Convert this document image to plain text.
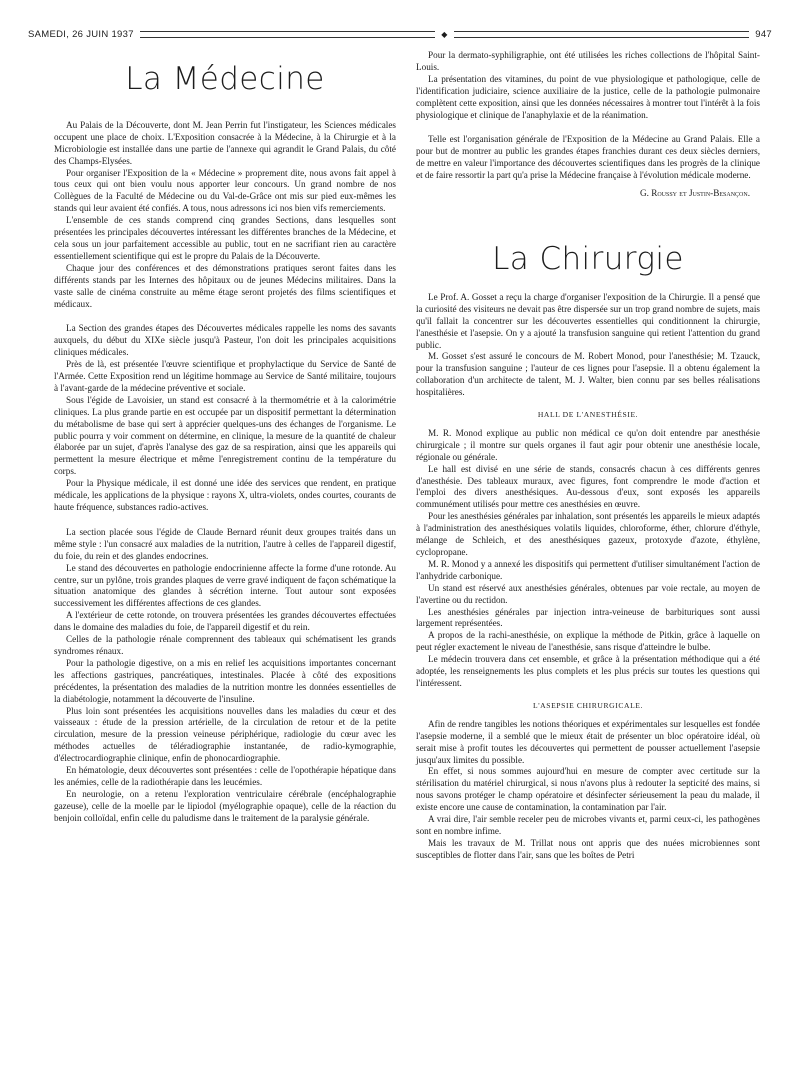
SAMEDI, 26 JUIN 1937	◆	947
La Médecine

Au Palais de la Découverte, dont M. Jean Perrin fut l'instigateur, les Sciences médicales occupent une place de choix. L'Exposition consacrée à la Médecine, à la Chirurgie et à la Microbiologie est installée dans une partie de l'annexe qui agrandit le Grand Palais, du côté des Champs-Elysées.

Pour organiser l'Exposition de la « Médecine » proprement dite, nous avons fait appel à tous ceux qui ont bien voulu nous apporter leur concours. Un grand nombre de nos Collègues de la Faculté de Médecine ou du Val-de-Grâce ont mis sur pied eux-mêmes les stands qui leur avaient été confiés. A tous, nous adressons ici nos bien vifs remerciements.

L'ensemble de ces stands comprend cinq grandes Sections, dans lesquelles sont présentées les principales découvertes intéressant les différentes branches de la Médecine, et cela sous un jour parfaitement accessible au public, tout en ne sacrifiant rien au caractère essentiellement scientifique qui est le propre du Palais de la Découverte.

Chaque jour des conférences et des démonstrations pratiques seront faites dans les différents stands par les Internes des hôpitaux ou de jeunes Médecins militaires. Dans la vaste salle de cinéma construite au même étage seront projetés des films scientifiques et médicaux.

La Section des grandes étapes des Découvertes médicales rappelle les noms des savants auxquels, du début du XIXe siècle jusqu'à Pasteur, l'on doit les principales acquisitions cliniques médicales.

Près de là, est présentée l'œuvre scientifique et prophylactique du Service de Santé de l'Armée. Cette Exposition rend un légitime hommage au Service de Santé militaire, toujours à l'avant-garde de la médecine préventive et sociale.

Sous l'égide de Lavoisier, un stand est consacré à la thermométrie et à la calorimétrie cliniques. La plus grande partie en est occupée par un dispositif permettant la détermination du métabolisme de base qui sert à apprécier quelques-uns des échanges de l'organisme. Le public pourra y voir comment on détermine, en clinique, la mesure de la quantité de chaleur élaborée par un sujet, d'après l'analyse des gaz de sa respiration, ainsi que les appareils qui permettent la mesure électrique et même l'enregistrement continu de la température du corps.

Pour la Physique médicale, il est donné une idée des services que rendent, en pratique médicale, les applications de la physique : rayons X, ultra-violets, ondes courtes, courants de haute fréquence, substances radio-actives.

La section placée sous l'égide de Claude Bernard réunit deux groupes traités dans un même style : l'un consacré aux maladies de la nutrition, l'autre à celles de l'appareil digestif, du foie, du rein et des glandes endocrines.

Le stand des découvertes en pathologie endocrinienne affecte la forme d'une rotonde. Au centre, sur un pylône, trois grandes plaques de verre gravé indiquent de façon schématique la situation anatomique des glandes à sécrétion interne. Tout autour sont exposées successivement les différentes affections de ces glandes.

A l'extérieur de cette rotonde, on trouvera présentées les grandes découvertes effectuées dans le domaine des maladies du foie, de l'appareil digestif et du rein.

Celles de la pathologie rénale comprennent des tableaux qui schématisent les grands syndromes rénaux.

Pour la pathologie digestive, on a mis en relief les acquisitions importantes concernant les affections gastriques, pancréatiques, intestinales. Placée à côté des expositions précédentes, la présentation des maladies de la nutrition montre les données essentielles de la diabétologie, notamment la découverte de l'insuline.

Plus loin sont présentées les acquisitions nouvelles dans les maladies du cœur et des vaisseaux : étude de la pression artérielle, de la circulation de retour et de la petite circulation, mesure de la pression veineuse périphérique, radiologie du cœur avec les méthodes actuelles de téléradiographie instantanée, de radio-kymographie, d'électrocardiographie clinique, enfin de phonocardiographie.

En hématologie, deux découvertes sont présentées : celle de l'opothérapie hépatique dans les anémies, celle de la radiothérapie dans les leucémies.

En neurologie, on a retenu l'exploration ventriculaire cérébrale (encéphalographie gazeuse), celle de la moelle par le lipiodol (myélographie opaque), celle de la réaction du benjoin colloïdal, enfin celle du paludisme dans le traitement de la paralysie générale.

Pour la dermato-syphiligraphie, ont été utilisées les riches collections de l'hôpital Saint-Louis.

La présentation des vitamines, du point de vue physiologique et pathologique, celle de l'identification judiciaire, science auxiliaire de la justice, celle de la pathologie pulmonaire complètent cette exposition, ainsi que les données nécessaires à montrer tout l'intérêt à la fois physiologique et clinique de l'anaphylaxie et de la réanimation.

Telle est l'organisation générale de l'Exposition de la Médecine au Grand Palais. Elle a pour but de montrer au public les grandes étapes franchies durant ces deux siècles derniers, de mettre en valeur l'importance des découvertes scientifiques dans les progrès de la clinique et de faire ressortir la part qu'a prise la Médecine française à l'évolution médicale moderne.

G. Roussy et Justin-Besançon.

La Chirurgie

Le Prof. A. Gosset a reçu la charge d'organiser l'exposition de la Chirurgie. Il a pensé que la curiosité des visiteurs ne devait pas être dispersée sur un trop grand nombre de sujets, mais qu'il fallait la concentrer sur les découvertes essentielles qui conditionnent la chirurgie, l'anesthésie et l'asepsie. On y a ajouté la transfusion sanguine qui retient l'attention du grand public.

M. Gosset s'est assuré le concours de M. Robert Monod, pour l'anesthésie; M. Tzauck, pour la transfusion sanguine ; l'auteur de ces lignes pour l'asepsie. Il a obtenu également la collaboration d'un architecte de talent, M. J. Walter, bien connu par ses belles réalisations hospitalières.

HALL DE L'ANESTHÉSIE.

M. R. Monod explique au public non médical ce qu'on doit entendre par anesthésie chirurgicale ; il montre sur quels organes il faut agir pour obtenir une anesthésie locale, régionale ou générale.

Le hall est divisé en une série de stands, consacrés chacun à ces différents genres d'anesthésie. Des tableaux muraux, avec figures, font comprendre le mode d'action et l'emploi des divers anesthésiques. Au-dessous d'eux, sont exposés les appareils communément utilisés pour mettre ces anesthésies en œuvre.

Pour les anesthésies générales par inhalation, sont présentés les appareils le mieux adaptés à l'administration des anesthésiques volatils liquides, chloroforme, éther, chlorure d'éthyle, mélange de Schleich, et des anesthésiques gazeux, protoxyde d'azote, éthylène, cyclopropane.

M. R. Monod y a annexé les dispositifs qui permettent d'utiliser simultanément l'action de l'anhydride carbonique.

Un stand est réservé aux anesthésies générales, obtenues par voie rectale, au moyen de l'avertine ou du rectidon.

Les anesthésies générales par injection intra-veineuse de barbituriques sont aussi largement représentées.

A propos de la rachi-anesthésie, on explique la méthode de Pitkin, grâce à laquelle on peut régler exactement le niveau de l'anesthésie, sans risque d'atteindre le bulbe.

Le médecin trouvera dans cet ensemble, et grâce à la présentation méthodique qui a été adoptée, les renseignements les plus complets et les plus précis sur toutes les questions qui l'intéressent.

L'ASEPSIE CHIRURGICALE.

Afin de rendre tangibles les notions théoriques et expérimentales sur lesquelles est fondée l'asepsie moderne, il a semblé que le mieux était de présenter un bloc opératoire idéal, où serait mise à profit toutes les découvertes qui permettent de pousser actuellement l'asepsie jusqu'aux limites du possible.

En effet, si nous sommes aujourd'hui en mesure de compter avec certitude sur la stérilisation du matériel chirurgical, si nous n'avons plus à redouter la septicité des mains, si nous savons protéger le champ opératoire et désinfecter sérieusement la peau du malade, il existe encore une cause de contamination, la contamination par l'air.

A vrai dire, l'air semble receler peu de microbes vivants et, parmi ceux-ci, les pathogènes sont en nombre infime.

Mais les travaux de M. Trillat nous ont appris que des nuées microbiennes sont susceptibles de flotter dans l'air, sans que les boîtes de Petri
